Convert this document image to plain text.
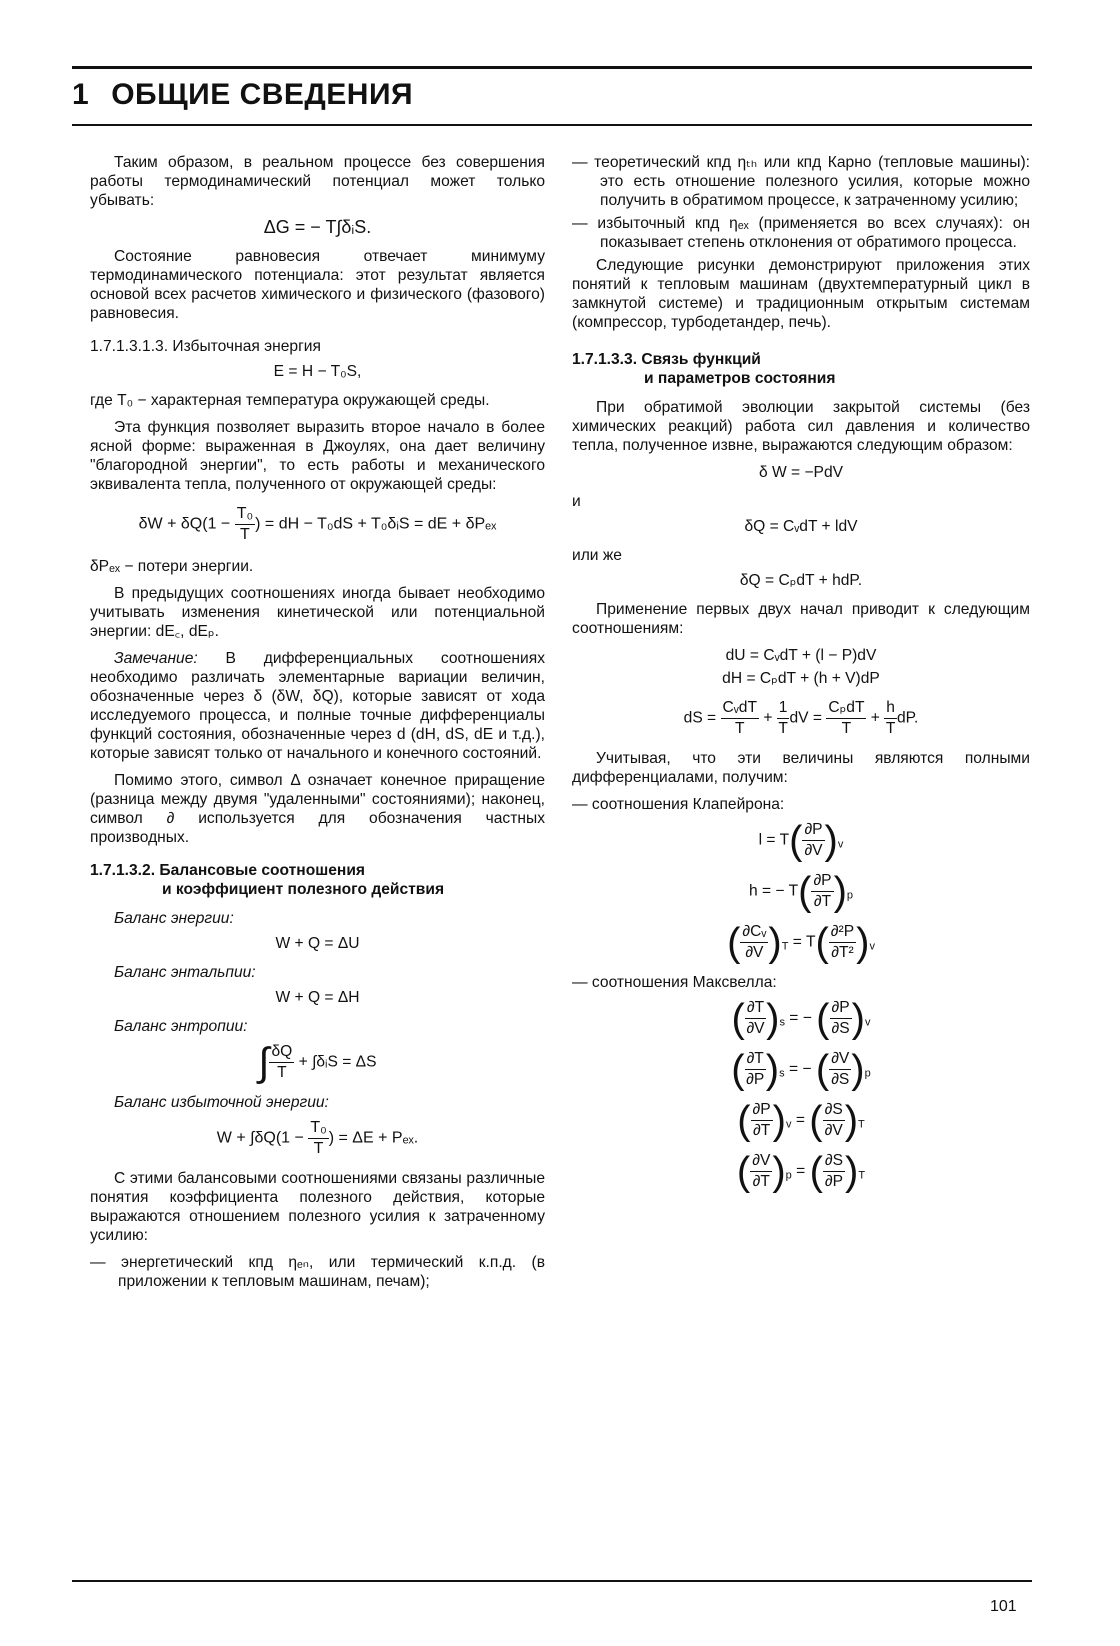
1 ОБЩИЕ СВЕДЕНИЯ

Таким образом, в реальном процессе без совершения работы термодинамический потенциал может только убывать:

ΔG = − T∫δᵢS.

Состояние равновесия отвечает минимуму термодинамического потенциала: этот результат является основой всех расчетов химического и физического (фазового) равновесия.

1.7.1.3.1.3. Избыточная энергия
E = H − T₀S,

где T₀ − характерная температура окружающей среды.

Эта функция позволяет выразить второе начало в более ясной форме: выраженная в Джоулях, она дает величину "благородной энергии", то есть работы и механического эквивалента тепла, полученного от окружающей среды:

$\delta W + \delta Q(1 - \frac{\text{T₀}}{T}$ ) = dH − T₀dS + T₀δᵢS = dE + δPₑₓ

δPₑₓ − потери энергии.

В предыдущих соотношениях иногда бывает необходимо учитывать изменения кинетической или потенциальной энергии: dE꜀, dEₚ.

Замечание: В дифференциальных соотношениях необходимо различать элементарные вариации величин, обозначенные через δ (δW, δQ), которые зависят от хода исследуемого процесса, и полные точные дифференциалы функций состояния, обозначенные через d (dH, dS, dE и т.д.), которые зависят только от начального и конечного состояний.

Помимо этого, символ Δ означает конечное приращение (разница между двумя "удаленными" состояниями); наконец, символ ∂ используется для обозначения частных производных.

1.7.1.3.2. Балансовые соотношения
и коэффициент полезного действия
Баланс энергии:
W + Q = ΔU
Баланс энтальпии:
W + Q = ΔH
Баланс энтропии:
∫ $\frac{\delta Q}{T}$ + ∫δᵢS = ΔS
Баланс избыточной энергии:
$W + \int\delta Q(1 - \frac{\text{T₀}}{T}$ ) = ΔE + Pₑₓ.

С этими балансовыми соотношениями связаны различные понятия коэффициента полезного действия, которые выражаются отношением полезного усилия к затраченному усилию:

— энергетический кпд ηₑₙ, или термический к.п.д. (в приложении к тепловым машинам, печам);
— теоретический кпд ηₜₕ или кпд Карно (тепловые машины): это есть отношение полезного усилия, которые можно получить в обратимом процессе, к затраченному усилию;
— избыточный кпд ηₑₓ (применяется во всех случаях): он показывает степень отклонения от обратимого процесса.

Следующие рисунки демонстрируют приложения этих понятий к тепловым машинам (двухтемпературный цикл в замкнутой системе) и традиционным открытым системам (компрессор, турбодетандер, печь).

1.7.1.3.3. Связь функций
и параметров состояния

При обратимой эволюции закрытой системы (без химических реакций) работа сил давления и количество тепла, полученное извне, выражаются следующим образом:

δ W = −PdV
и
δQ = CᵥdT + ldV
или же
δQ = CₚdT + hdP.

Применение первых двух начал приводит к следующим соотношениям:

dU = CᵥdT + (l − P)dV
dH = CₚdT + (h + V)dP
dS = $\frac{\text{CᵥdT}}{T} + \frac{1}{T}$ dV = $\frac{\text{CₚdT}}{T} + \frac{h}{T}$ dP.

Учитывая, что эти величины являются полными дифференциалами, получим:

— соотношения Клапейрона:
$l = T( \frac{\partial P}{\partial V} )_v$
h = − $T( \frac{\partial P}{\partial T} )_p$
( $\frac{\text{∂Cᵥ}}{\partial V} )_T = T( \frac{\text{∂²P}}{\text{∂T²}} )_v$
— соотношения Максвелла:
( $\frac{\partial T}{\partial V} )_s$ = − ( $\frac{\partial P}{\partial S} )_v$
( $\frac{\partial T}{\partial P} )_s$ = − ( $\frac{\partial V}{\partial S} )_p$
( $\frac{\partial P}{\partial T} )_v$ = ( $\frac{\partial S}{\partial V} )_T$
( $\frac{\partial V}{\partial T} )_p$ = ( $\frac{\partial S}{\partial P} )_T$
101
